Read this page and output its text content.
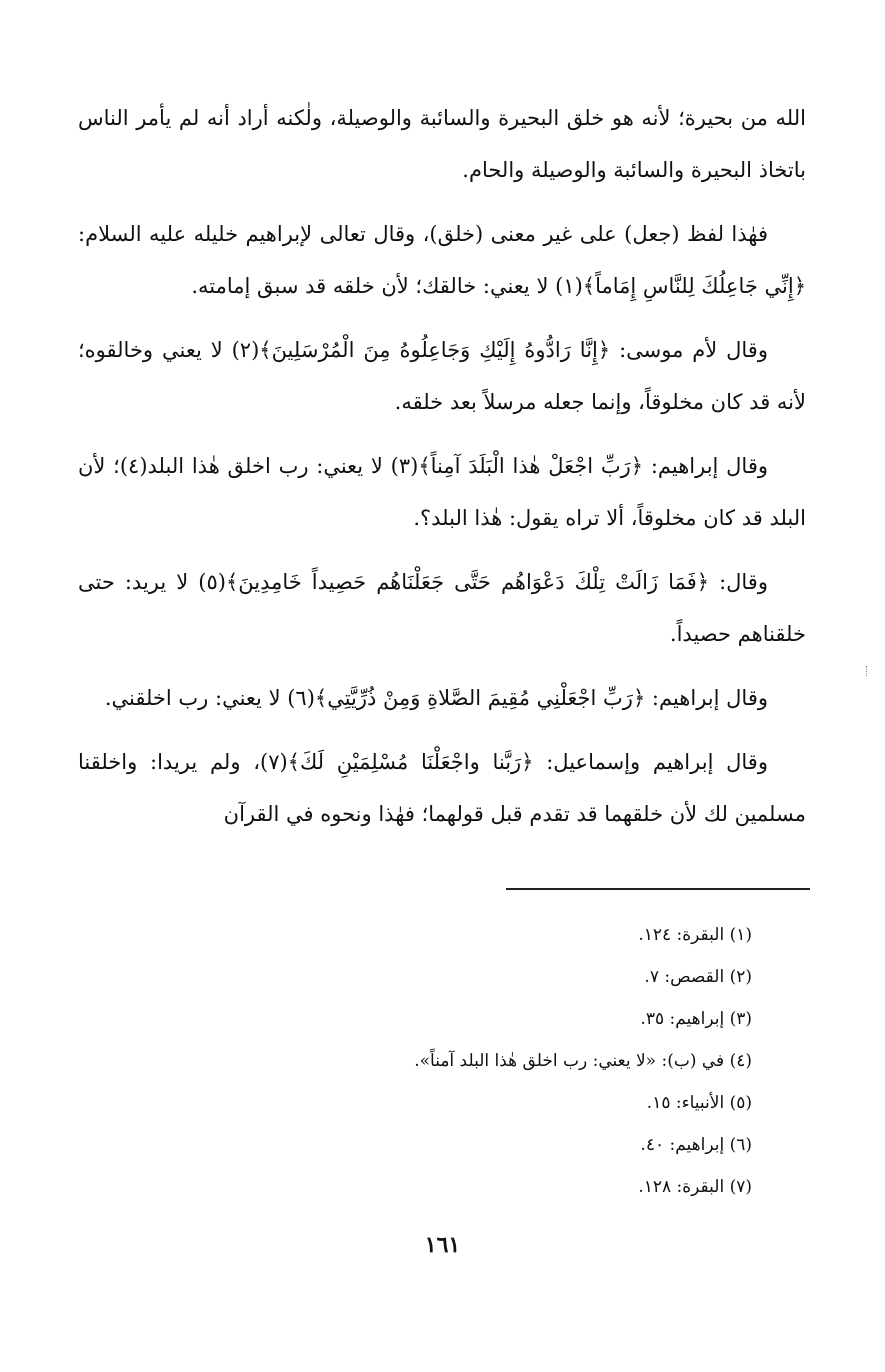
الله من بحيرة؛ لأنه هو خلق البحيرة والسائبة والوصيلة، ولٰكنه أراد أنه لم يأمر الناس باتخاذ البحيرة والسائبة والوصيلة والحام.

فهٰذا لفظ (جعل) على غير معنى (خلق)، وقال تعالى لإبراهيم خليله عليه السلام: ﴿إِنِّي جَاعِلُكَ لِلنَّاسِ إِمَاماً﴾(١) لا يعني: خالقك؛ لأن خلقه قد سبق إمامته.

وقال لأم موسى: ﴿إِنَّا رَادُّوهُ إِلَيْكِ وَجَاعِلُوهُ مِنَ الْمُرْسَلِينَ﴾(٢) لا يعني وخالقوه؛ لأنه قد كان مخلوقاً، وإنما جعله مرسلاً بعد خلقه.

وقال إبراهيم: ﴿رَبِّ اجْعَلْ هٰذا الْبَلَدَ آمِناً﴾(٣) لا يعني: رب اخلق هٰذا البلد(٤)؛ لأن البلد قد كان مخلوقاً، ألا تراه يقول: هٰذا البلد؟.

وقال: ﴿فَمَا زَالَتْ تِلْكَ دَعْوَاهُم حَتَّى جَعَلْنَاهُم حَصِيداً خَامِدِينَ﴾(٥) لا يريد: حتى خلقناهم حصيداً.

وقال إبراهيم: ﴿رَبِّ اجْعَلْنِي مُقِيمَ الصَّلاةِ وَمِنْ ذُرِّيَّتِي﴾(٦) لا يعني: رب اخلقني.

وقال إبراهيم وإسماعيل: ﴿رَبَّنا واجْعَلْنَا مُسْلِمَيْنِ لَكَ﴾(٧)، ولم يريدا: واخلقنا مسلمين لك لأن خلقهما قد تقدم قبل قولهما؛ فهٰذا ونحوه في القرآن

(١) البقرة: ١٢٤.

(٢) القصص: ٧.

(٣) إبراهيم: ٣٥.

(٤) في (ب): «لا يعني: رب اخلق هٰذا البلد آمناً».

(٥) الأنبياء: ١٥.

(٦) إبراهيم: ٤٠.

(٧) البقرة: ١٢٨.

١٦١
